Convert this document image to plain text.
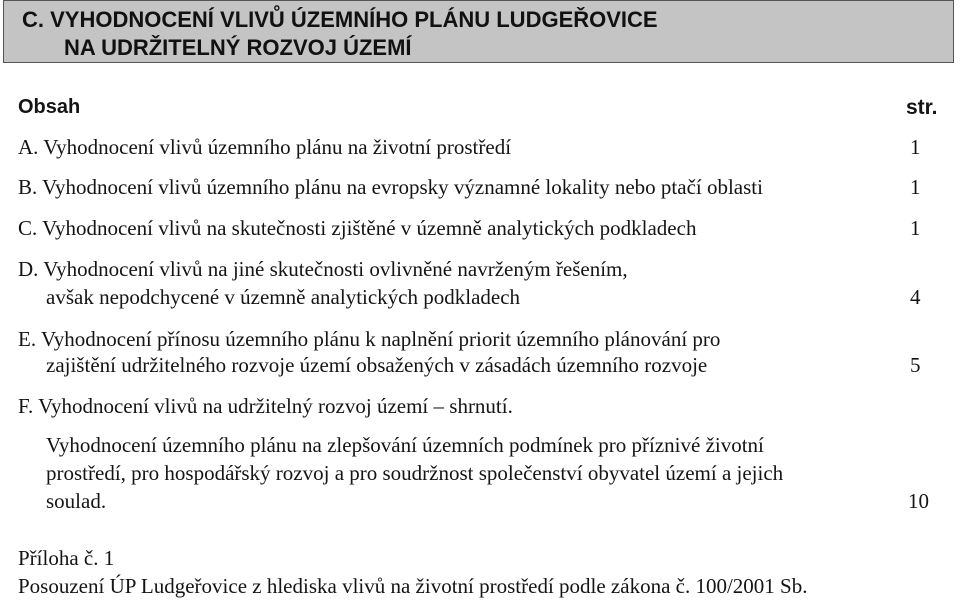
C. VYHODNOCENÍ VLIVŮ ÚZEMNÍHO PLÁNU LUDGEŘOVICE
NA UDRŽITELNÝ ROZVOJ ÚZEMÍ
Obsah	str.
A. Vyhodnocení vlivů územního plánu na životní prostředí	1
B. Vyhodnocení vlivů územního plánu na evropsky významné lokality nebo ptačí oblasti	1
C. Vyhodnocení vlivů na skutečnosti zjištěné v územně analytických podkladech	1
D. Vyhodnocení vlivů na jiné skutečnosti ovlivněné navrženým řešením,
avšak nepodchycené v územně analytických podkladech	4
E. Vyhodnocení přínosu územního plánu k naplnění priorit územního plánování pro
zajištění udržitelného rozvoje území obsažených v zásadách územního rozvoje	5
F. Vyhodnocení vlivů na udržitelný rozvoj území – shrnutí.
Vyhodnocení územního plánu na zlepšování územních podmínek pro příznivé životní
prostředí, pro hospodářský rozvoj a pro soudržnost společenství obyvatel území a jejich
soulad.	10
Příloha č. 1
Posouzení ÚP Ludgeřovice z hlediska vlivů na životní prostředí podle zákona č. 100/2001 Sb.
